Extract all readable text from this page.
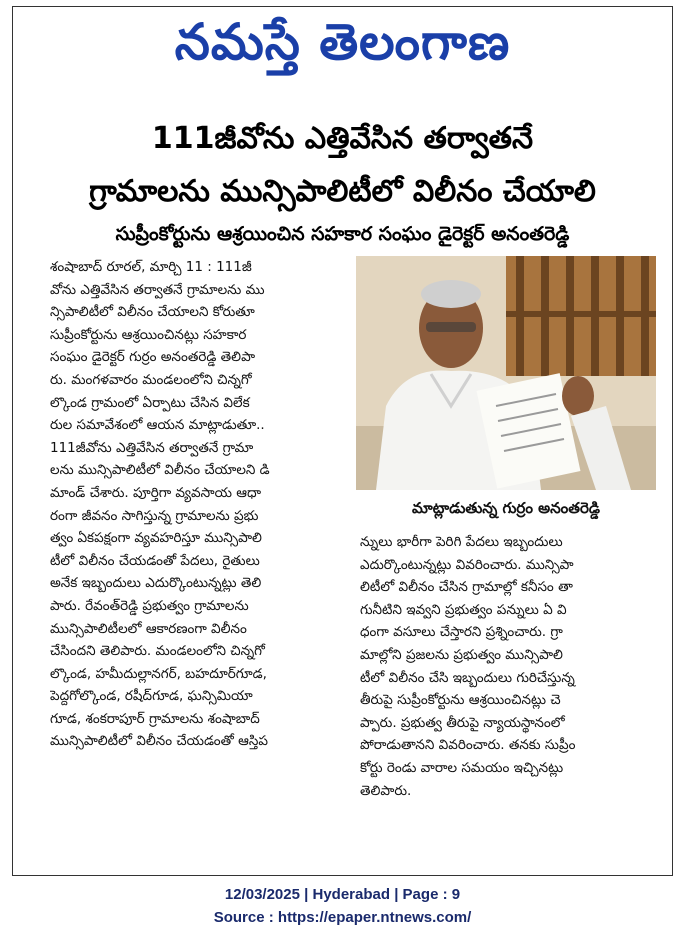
నమస్తే తెలంగాణ
111జీవోను ఎత్తివేసిన తర్వాతనే
గ్రామాలను మున్సిపాలిటీలో విలీనం చేయాలి
సుప్రీంకోర్టును ఆశ్రయించిన సహకార సంఘం డైరెక్టర్ అనంతరెడ్డి
శంషాబాద్ రూరల్, మార్చి 11 : 111జీ
వోను ఎత్తివేసిన తర్వాతనే గ్రామాలను ము
న్సిపాలిటీలో విలీనం చేయాలని కోరుతూ
సుప్రీంకోర్టును ఆశ్రయించినట్లు సహకార
సంఘం డైరెక్టర్ గుర్రం అనంతరెడ్డి తెలిపా
రు. మంగళవారం మండలంలోని చిన్నగో
ల్కొండ గ్రామంలో ఏర్పాటు చేసిన విలేక
రుల సమావేశంలో ఆయన మాట్లాడుతూ..
111జీవోను ఎత్తివేసిన తర్వాతనే గ్రామా
లను మున్సిపాలిటీలో విలీనం చేయాలని డి
మాండ్ చేశారు. పూర్తిగా వ్యవసాయ ఆధా
రంగా జీవనం సాగిస్తున్న గ్రామాలను ప్రభు
త్వం ఏకపక్షంగా వ్యవహరిస్తూ మున్సిపాలి
టీలో విలీనం చేయడంతో పేదలు, రైతులు
అనేక ఇబ్బందులు ఎదుర్కొంటున్నట్లు తెలి
పారు. రేవంత్‌రెడ్డి ప్రభుత్వం గ్రామాలను
మున్సిపాలిటీలలో ఆకారణంగా విలీనం
చేసిందని తెలిపారు. మండలంలోని చిన్నగో
ల్కొండ, హమీదుల్లానగర్, బహదూర్‌గూడ,
పెద్దగోల్కొండ, రషీద్‌గూడ, ఘన్సిమియా
గూడ, శంకరాపూర్ గ్రామాలను శంషాబాద్
మున్సిపాలిటీలో విలీనం చేయడంతో ఆస్తిప
మాట్లాడుతున్న గుర్రం అనంతరెడ్డి
న్నులు భారీగా పెరిగి పేదలు ఇబ్బందులు
ఎదుర్కొంటున్నట్లు వివరించారు. మున్సిపా
లిటీలో విలీనం చేసిన గ్రామాల్లో కనీసం తా
గునీటిని ఇవ్వని ప్రభుత్వం పన్నులు ఏ వి
ధంగా వసూలు చేస్తారని ప్రశ్నించారు. గ్రా
మాల్లోని ప్రజలను ప్రభుత్వం మున్సిపాలి
టీలో విలీనం చేసి ఇబ్బందులు గురిచేస్తున్న
తీరుపై సుప్రీంకోర్టును ఆశ్రయించినట్లు చె
ప్పారు. ప్రభుత్వ తీరుపై న్యాయస్థానంలో
పోరాడుతానని వివరించారు. తనకు సుప్రీం
కోర్టు రెండు వారాల సమయం ఇచ్చినట్లు
తెలిపారు.
12/03/2025 | Hyderabad | Page : 9
Source : https://epaper.ntnews.com/
